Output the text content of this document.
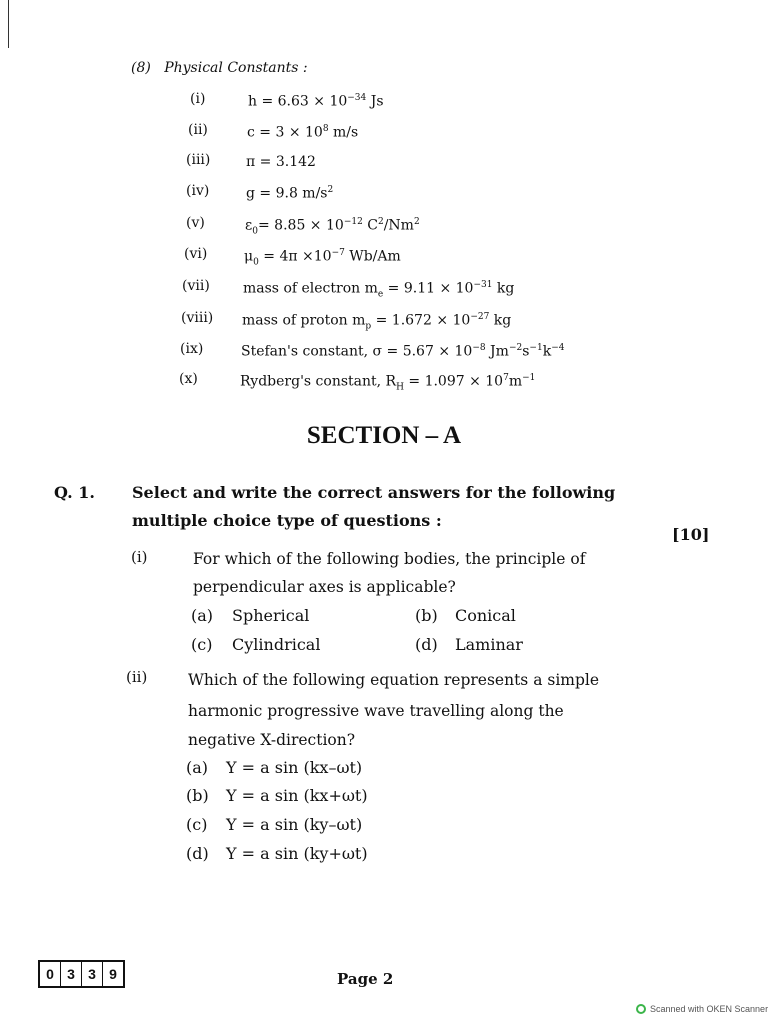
(8) Physical Constants :
(i)	$h = 6.63 \times 10^{-34}$ Js
(ii)	$c = 3 \times 10^8$ m/s
(iii)	π = 3.142
(iv)	g = 9.8 $m/s^2$
(v)	$\varepsilon_0= 8.85 \times 10^{-12}$ $C^2/Nm^2$
(vi)	$\mu_0 = 4\pi \times 10^{-7}$ Wb/Am
(vii) mass of electron $m_e = 9.11 \times 10^{-31}$ kg
(viii) mass of proton $m_p = 1.672 \times 10^{-27}$ kg
(ix)	Stefan's constant, $\sigma = 5.67 \times 10^{-8}$ $Jm^{-2}s^{-1}k^{-4}$
(x)	Rydberg's constant, $R_H = 1.097 \times 10^7m^{-1}$
SECTION – A
Q. 1. Select and write the correct answers for the following
multiple choice type of questions :
[10]
(i)	For which of the following bodies, the principle of
perpendicular axes is applicable?
(a) Spherical	(b) Conical
(c) Cylindrical	(d) Laminar
(ii)	Which of the following equation represents a simple
harmonic progressive wave travelling along the
negative X-direction?
(a) Y = a sin (kx–ωt)
(b) Y = a sin (kx+ωt)
(c) Y = a sin (ky–ωt)
(d) Y = a sin (ky+ωt)
0 3 3 9	Page 2
Scanned with OKEN Scanner
